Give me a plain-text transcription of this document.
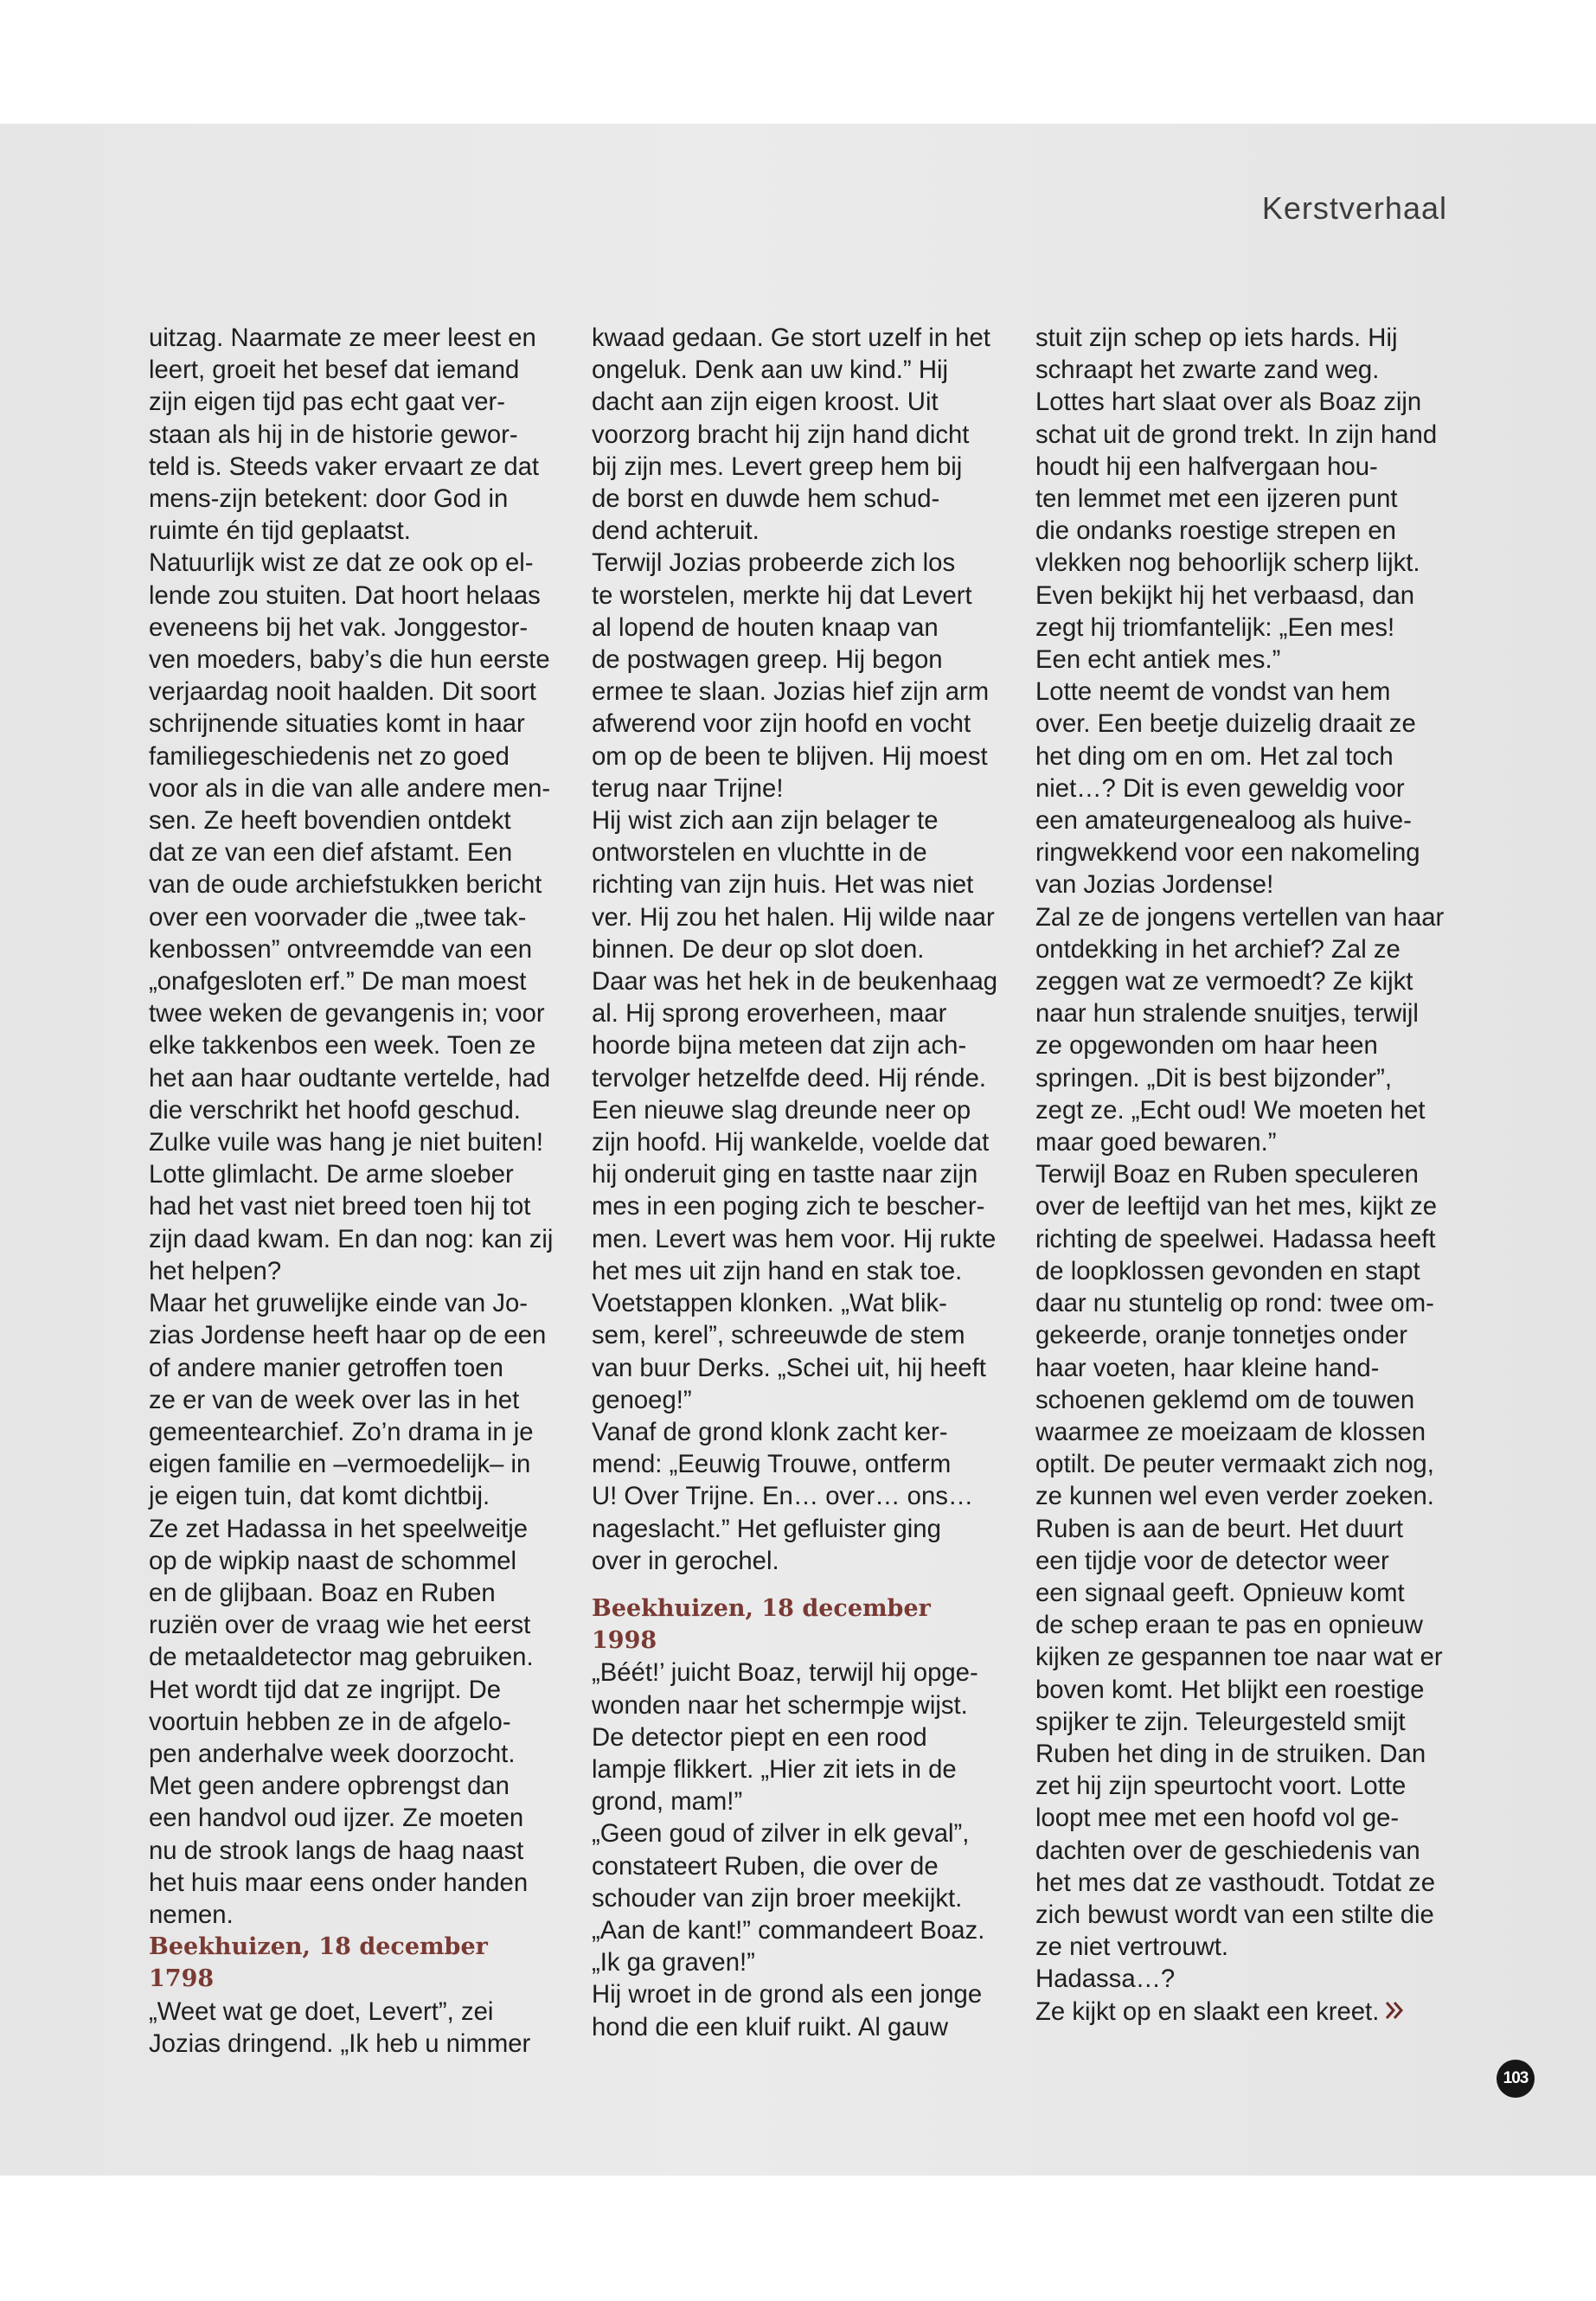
Kerstverhaal

uitzag. Naarmate ze meer leest en
leert, groeit het besef dat iemand
zijn eigen tijd pas echt gaat ver-
staan als hij in de historie gewor-
teld is. Steeds vaker ervaart ze dat
mens-zijn betekent: door God in
ruimte én tijd geplaatst.
Natuurlijk wist ze dat ze ook op el-
lende zou stuiten. Dat hoort helaas
eveneens bij het vak. Jonggestor-
ven moeders, baby’s die hun eerste
verjaardag nooit haalden. Dit soort
schrijnende situaties komt in haar
familiegeschiedenis net zo goed
voor als in die van alle andere men-
sen. Ze heeft bovendien ontdekt
dat ze van een dief afstamt. Een
van de oude archiefstukken bericht
over een voorvader die „twee tak-
kenbossen” ontvreemdde van een
„onafgesloten erf.” De man moest
twee weken de gevangenis in; voor
elke takkenbos een week. Toen ze
het aan haar oudtante vertelde, had
die verschrikt het hoofd geschud.
Zulke vuile was hang je niet buiten!
Lotte glimlacht. De arme sloeber
had het vast niet breed toen hij tot
zijn daad kwam. En dan nog: kan zij
het helpen?
Maar het gruwelijke einde van Jo-
zias Jordense heeft haar op de een
of andere manier getroffen toen
ze er van de week over las in het
gemeentearchief. Zo’n drama in je
eigen familie en –vermoedelijk– in
je eigen tuin, dat komt dichtbij.
Ze zet Hadassa in het speelweitje
op de wipkip naast de schommel
en de glijbaan. Boaz en Ruben
ruziën over de vraag wie het eerst
de metaaldetector mag gebruiken.
Het wordt tijd dat ze ingrijpt. De
voortuin hebben ze in de afgelo-
pen anderhalve week doorzocht.
Met geen andere opbrengst dan
een handvol oud ijzer. Ze moeten
nu de strook langs de haag naast
het huis maar eens onder handen
nemen.

Beekhuizen, 18 december 1798

„Weet wat ge doet, Levert”, zei
Jozias dringend. „Ik heb u nimmer

kwaad gedaan. Ge stort uzelf in het
ongeluk. Denk aan uw kind.” Hij
dacht aan zijn eigen kroost. Uit
voorzorg bracht hij zijn hand dicht
bij zijn mes. Levert greep hem bij
de borst en duwde hem schud-
dend achteruit.
Terwijl Jozias probeerde zich los
te worstelen, merkte hij dat Levert
al lopend de houten knaap van
de postwagen greep. Hij begon
ermee te slaan. Jozias hief zijn arm
afwerend voor zijn hoofd en vocht
om op de been te blijven. Hij moest
terug naar Trijne!
Hij wist zich aan zijn belager te
ontworstelen en vluchtte in de
richting van zijn huis. Het was niet
ver. Hij zou het halen. Hij wilde naar
binnen. De deur op slot doen.
Daar was het hek in de beukenhaag
al. Hij sprong eroverheen, maar
hoorde bijna meteen dat zijn ach-
tervolger hetzelfde deed. Hij rénde.
Een nieuwe slag dreunde neer op
zijn hoofd. Hij wankelde, voelde dat
hij onderuit ging en tastte naar zijn
mes in een poging zich te bescher-
men. Levert was hem voor. Hij rukte
het mes uit zijn hand en stak toe.
Voetstappen klonken. „Wat blik-
sem, kerel”, schreeuwde de stem
van buur Derks. „Schei uit, hij heeft
genoeg!”
Vanaf de grond klonk zacht ker-
mend: „Eeuwig Trouwe, ontferm
U! Over Trijne. En… over… ons…
nageslacht.” Het gefluister ging
over in gerochel.

Beekhuizen, 18 december 1998

„Béét!’ juicht Boaz, terwijl hij opge-
wonden naar het schermpje wijst.
De detector piept en een rood
lampje flikkert. „Hier zit iets in de
grond, mam!”
„Geen goud of zilver in elk geval”,
constateert Ruben, die over de
schouder van zijn broer meekijkt.
„Aan de kant!” commandeert Boaz.
„Ik ga graven!”
Hij wroet in de grond als een jonge
hond die een kluif ruikt. Al gauw

stuit zijn schep op iets hards. Hij
schraapt het zwarte zand weg.
Lottes hart slaat over als Boaz zijn
schat uit de grond trekt. In zijn hand
houdt hij een halfvergaan hou-
ten lemmet met een ijzeren punt
die ondanks roestige strepen en
vlekken nog behoorlijk scherp lijkt.
Even bekijkt hij het verbaasd, dan
zegt hij triomfantelijk: „Een mes!
Een echt antiek mes.”
Lotte neemt de vondst van hem
over. Een beetje duizelig draait ze
het ding om en om. Het zal toch
niet…? Dit is even geweldig voor
een amateurgenealoog als huive-
ringwekkend voor een nakomeling
van Jozias Jordense!
Zal ze de jongens vertellen van haar
ontdekking in het archief? Zal ze
zeggen wat ze vermoedt? Ze kijkt
naar hun stralende snuitjes, terwijl
ze opgewonden om haar heen
springen. „Dit is best bijzonder”,
zegt ze. „Echt oud! We moeten het
maar goed bewaren.”
Terwijl Boaz en Ruben speculeren
over de leeftijd van het mes, kijkt ze
richting de speelwei. Hadassa heeft
de loopklossen gevonden en stapt
daar nu stuntelig op rond: twee om-
gekeerde, oranje tonnetjes onder
haar voeten, haar kleine hand-
schoenen geklemd om de touwen
waarmee ze moeizaam de klossen
optilt. De peuter vermaakt zich nog,
ze kunnen wel even verder zoeken.
Ruben is aan de beurt. Het duurt
een tijdje voor de detector weer
een signaal geeft. Opnieuw komt
de schep eraan te pas en opnieuw
kijken ze gespannen toe naar wat er
boven komt. Het blijkt een roestige
spijker te zijn. Teleurgesteld smijt
Ruben het ding in de struiken. Dan
zet hij zijn speurtocht voort. Lotte
loopt mee met een hoofd vol ge-
dachten over de geschiedenis van
het mes dat ze vasthoudt. Totdat ze
zich bewust wordt van een stilte die
ze niet vertrouwt.
Hadassa…?

Ze kijkt op en slaakt een kreet.

103
